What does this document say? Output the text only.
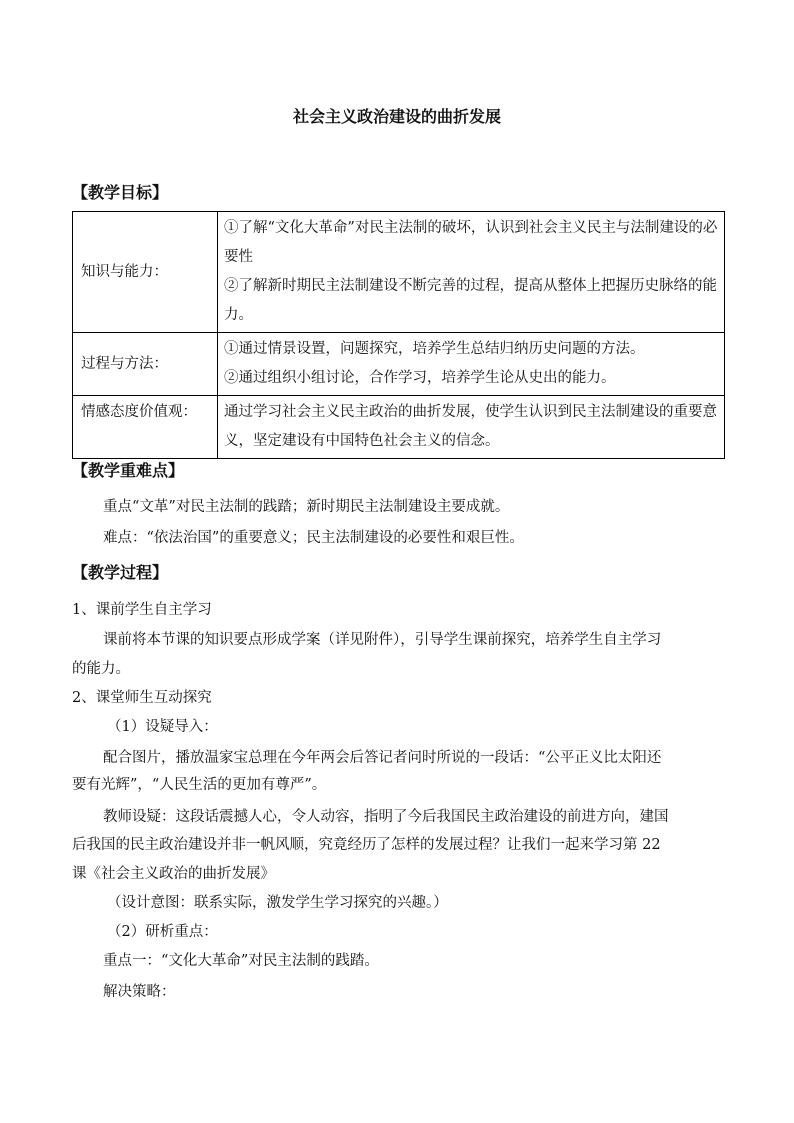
社会主义政治建设的曲折发展
【教学目标】
知识与能力：	①了解“文化大革命”对民主法制的破坏，认识到社会主义民主与法制建设的必要性
②了解新时期民主法制建设不断完善的过程，提高从整体上把握历史脉络的能力。

过程与方法：	①通过情景设置，问题探究，培养学生总结归纳历史问题的方法。
②通过组织小组讨论，合作学习，培养学生论从史出的能力。

情感态度价值观：	通过学习社会主义民主政治的曲折发展，使学生认识到民主法制建设的重要意义，坚定建设有中国特色社会主义的信念。
【教学重难点】
重点“文革”对民主法制的践踏；新时期民主法制建设主要成就。
难点：“依法治国”的重要意义；民主法制建设的必要性和艰巨性。
【教学过程】
1、课前学生自主学习
课前将本节课的知识要点形成学案（详见附件），引导学生课前探究，培养学生自主学习
的能力。
2、课堂师生互动探究
（1）设疑导入：
配合图片，播放温家宝总理在今年两会后答记者问时所说的一段话：“公平正义比太阳还
要有光辉”，“人民生活的更加有尊严”。
教师设疑：这段话震撼人心，令人动容，指明了今后我国民主政治建设的前进方向，建国
后我国的民主政治建设并非一帆风顺，究竟经历了怎样的发展过程？让我们一起来学习第 22
课《社会主义政治的曲折发展》
（设计意图：联系实际，激发学生学习探究的兴趣。）
（2）研析重点：
重点一：“文化大革命”对民主法制的践踏。
解决策略：
